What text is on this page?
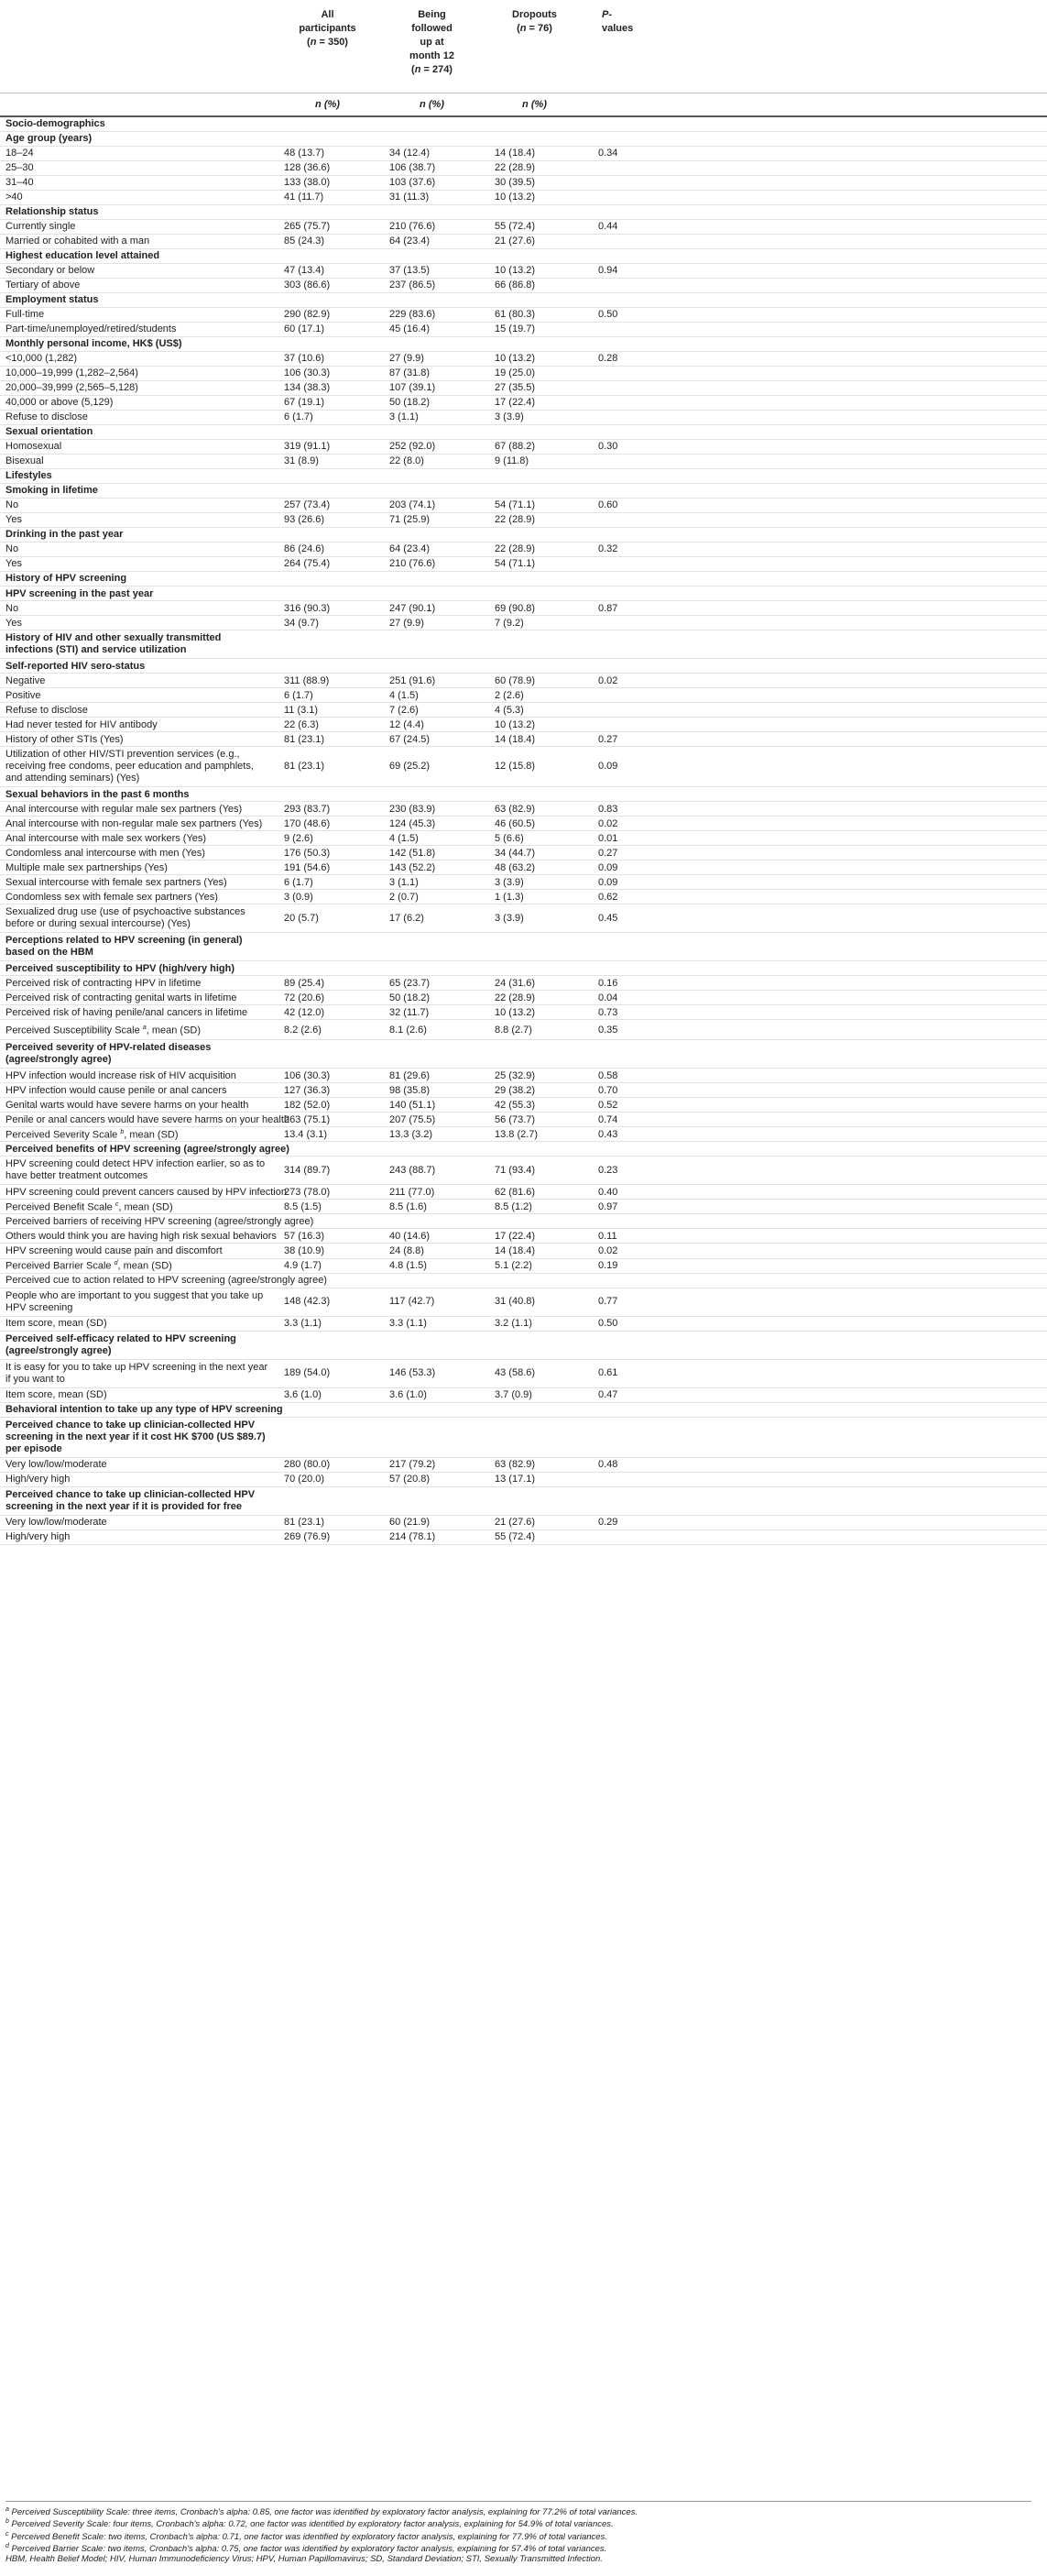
	All
participants
(n = 350)	Being
followed
up at
month 12
(n = 274)	Dropouts
(n = 76)	P-
values
	n (%)	n (%)	n (%)	
Socio-demographics				
Age group (years)				
18–24	48 (13.7)	34 (12.4)	14 (18.4)	0.34
25–30	128 (36.6)	106 (38.7)	22 (28.9)	
31–40	133 (38.0)	103 (37.6)	30 (39.5)	
>40	41 (11.7)	31 (11.3)	10 (13.2)	
Relationship status				
Currently single	265 (75.7)	210 (76.6)	55 (72.4)	0.44
Married or cohabited with a man	85 (24.3)	64 (23.4)	21 (27.6)	
Highest education level attained				
Secondary or below	47 (13.4)	37 (13.5)	10 (13.2)	0.94
Tertiary of above	303 (86.6)	237 (86.5)	66 (86.8)	
Employment status				
Full-time	290 (82.9)	229 (83.6)	61 (80.3)	0.50
Part-time/unemployed/retired/students	60 (17.1)	45 (16.4)	15 (19.7)	
Monthly personal income, HK$ (US$)				
<10,000 (1,282)	37 (10.6)	27 (9.9)	10 (13.2)	0.28
10,000–19,999 (1,282–2,564)	106 (30.3)	87 (31.8)	19 (25.0)	
20,000–39,999 (2,565–5,128)	134 (38.3)	107 (39.1)	27 (35.5)	
40,000 or above (5,129)	67 (19.1)	50 (18.2)	17 (22.4)	
Refuse to disclose	6 (1.7)	3 (1.1)	3 (3.9)	
Sexual orientation				
Homosexual	319 (91.1)	252 (92.0)	67 (88.2)	0.30
Bisexual	31 (8.9)	22 (8.0)	9 (11.8)	
Lifestyles				
Smoking in lifetime				
No	257 (73.4)	203 (74.1)	54 (71.1)	0.60
Yes	93 (26.6)	71 (25.9)	22 (28.9)	
Drinking in the past year				
No	86 (24.6)	64 (23.4)	22 (28.9)	0.32
Yes	264 (75.4)	210 (76.6)	54 (71.1)	
History of HPV screening				
HPV screening in the past year				
No	316 (90.3)	247 (90.1)	69 (90.8)	0.87
Yes	34 (9.7)	27 (9.9)	7 (9.2)	
History of HIV and other sexually transmitted infections (STI) and service utilization				
Self-reported HIV sero-status				
Negative	311 (88.9)	251 (91.6)	60 (78.9)	0.02
Positive	6 (1.7)	4 (1.5)	2 (2.6)	
Refuse to disclose	11 (3.1)	7 (2.6)	4 (5.3)	
Had never tested for HIV antibody	22 (6.3)	12 (4.4)	10 (13.2)	
History of other STIs (Yes)	81 (23.1)	67 (24.5)	14 (18.4)	0.27
Utilization of other HIV/STI prevention services (e.g., receiving free condoms, peer education and pamphlets, and attending seminars) (Yes)	81 (23.1)	69 (25.2)	12 (15.8)	0.09
Sexual behaviors in the past 6 months				
Anal intercourse with regular male sex partners (Yes)	293 (83.7)	230 (83.9)	63 (82.9)	0.83
Anal intercourse with non-regular male sex partners (Yes)	170 (48.6)	124 (45.3)	46 (60.5)	0.02
Anal intercourse with male sex workers (Yes)	9 (2.6)	4 (1.5)	5 (6.6)	0.01
Condomless anal intercourse with men (Yes)	176 (50.3)	142 (51.8)	34 (44.7)	0.27
Multiple male sex partnerships (Yes)	191 (54.6)	143 (52.2)	48 (63.2)	0.09
Sexual intercourse with female sex partners (Yes)	6 (1.7)	3 (1.1)	3 (3.9)	0.09
Condomless sex with female sex partners (Yes)	3 (0.9)	2 (0.7)	1 (1.3)	0.62
Sexualized drug use (use of psychoactive substances before or during sexual intercourse) (Yes)	20 (5.7)	17 (6.2)	3 (3.9)	0.45
Perceptions related to HPV screening (in general) based on the HBM				
Perceived susceptibility to HPV (high/very high)				
Perceived risk of contracting HPV in lifetime	89 (25.4)	65 (23.7)	24 (31.6)	0.16
Perceived risk of contracting genital warts in lifetime	72 (20.6)	50 (18.2)	22 (28.9)	0.04
Perceived risk of having penile/anal cancers in lifetime	42 (12.0)	32 (11.7)	10 (13.2)	0.73
Perceived Susceptibility Scale $^a$, mean (SD)	8.2 (2.6)	8.1 (2.6)	8.8 (2.7)	0.35
Perceived severity of HPV-related diseases (agree/strongly agree)				
HPV infection would increase risk of HIV acquisition	106 (30.3)	81 (29.6)	25 (32.9)	0.58
HPV infection would cause penile or anal cancers	127 (36.3)	98 (35.8)	29 (38.2)	0.70
Genital warts would have severe harms on your health	182 (52.0)	140 (51.1)	42 (55.3)	0.52
Penile or anal cancers would have severe harms on your health	263 (75.1)	207 (75.5)	56 (73.7)	0.74
Perceived Severity Scale $^b$, mean (SD)	13.4 (3.1)	13.3 (3.2)	13.8 (2.7)	0.43
Perceived benefits of HPV screening (agree/strongly agree)				
HPV screening could detect HPV infection earlier, so as to have better treatment outcomes	314 (89.7)	243 (88.7)	71 (93.4)	0.23
HPV screening could prevent cancers caused by HPV infection	273 (78.0)	211 (77.0)	62 (81.6)	0.40
Perceived Benefit Scale $^c$, mean (SD)	8.5 (1.5)	8.5 (1.6)	8.5 (1.2)	0.97
Perceived barriers of receiving HPV screening (agree/strongly agree)				
Others would think you are having high risk sexual behaviors	57 (16.3)	40 (14.6)	17 (22.4)	0.11
HPV screening would cause pain and discomfort	38 (10.9)	24 (8.8)	14 (18.4)	0.02
Perceived Barrier Scale $^d$, mean (SD)	4.9 (1.7)	4.8 (1.5)	5.1 (2.2)	0.19
Perceived cue to action related to HPV screening (agree/strongly agree)				
People who are important to you suggest that you take up HPV screening	148 (42.3)	117 (42.7)	31 (40.8)	0.77
Item score, mean (SD)	3.3 (1.1)	3.3 (1.1)	3.2 (1.1)	0.50
Perceived self-efficacy related to HPV screening (agree/strongly agree)				
It is easy for you to take up HPV screening in the next year if you want to	189 (54.0)	146 (53.3)	43 (58.6)	0.61
Item score, mean (SD)	3.6 (1.0)	3.6 (1.0)	3.7 (0.9)	0.47
Behavioral intention to take up any type of HPV screening				
Perceived chance to take up clinician-collected HPV screening in the next year if it cost HK $700 (US $89.7) per episode				
Very low/low/moderate	280 (80.0)	217 (79.2)	63 (82.9)	0.48
High/very high	70 (20.0)	57 (20.8)	13 (17.1)	
Perceived chance to take up clinician-collected HPV screening in the next year if it is provided for free				
Very low/low/moderate	81 (23.1)	60 (21.9)	21 (27.6)	0.29
High/very high	269 (76.9)	214 (78.1)	55 (72.4)	
$^a$ Perceived Susceptibility Scale: three items, Cronbach's alpha: 0.85, one factor was identified by exploratory factor analysis, explaining for 77.2% of total variances.
$^b$ Perceived Severity Scale: four items, Cronbach's alpha: 0.72, one factor was identified by exploratory factor analysis, explaining for 54.9% of total variances.
$^c$ Perceived Benefit Scale: two items, Cronbach's alpha: 0.71, one factor was identified by exploratory factor analysis, explaining for 77.9% of total variances.
$^d$ Perceived Barrier Scale: two items, Cronbach's alpha: 0.75, one factor was identified by exploratory factor analysis, explaining for 57.4% of total variances.
HBM, Health Belief Model; HIV, Human Immunodeficiency Virus; HPV, Human Papillomavirus; SD, Standard Deviation; STI, Sexually Transmitted Infection.
